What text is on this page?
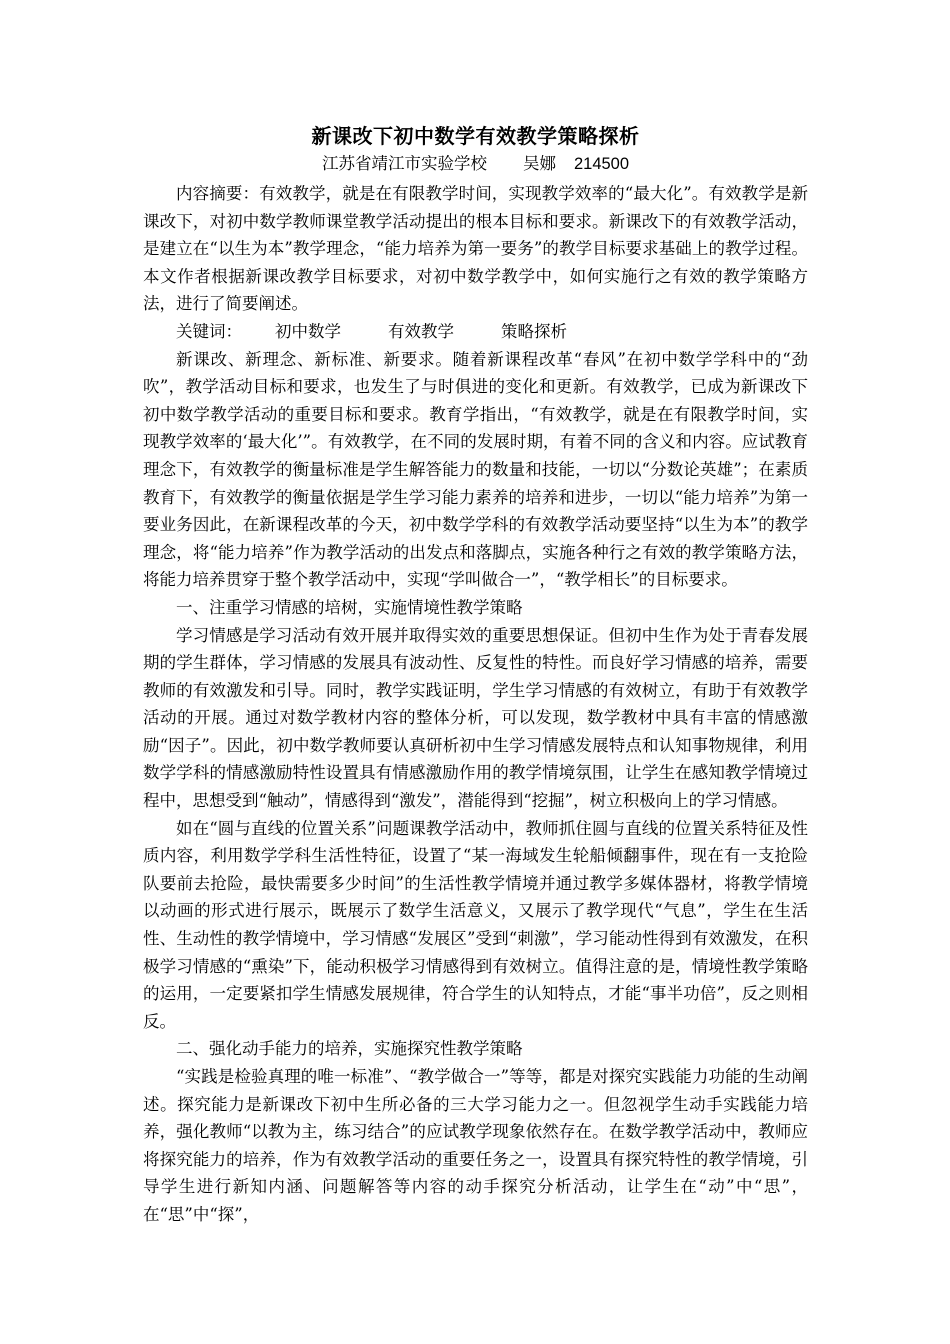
新课改下初中数学有效教学策略探析
江苏省靖江市实验学校 吴娜 214500

内容摘要：有效教学，就是在有限教学时间，实现教学效率的“最大化”。有效教学是新课改下，对初中数学教师课堂教学活动提出的根本目标和要求。新课改下的有效教学活动，是建立在“以生为本”教学理念，“能力培养为第一要务”的教学目标要求基础上的教学过程。本文作者根据新课改教学目标要求，对初中数学教学中，如何实施行之有效的教学策略方法，进行了简要阐述。

关键词： 初中数学	有效教学	策略探析

新课改、新理念、新标准、新要求。随着新课程改革“春风”在初中数学学科中的“劲吹”，教学活动目标和要求，也发生了与时俱进的变化和更新。有效教学，已成为新课改下初中数学教学活动的重要目标和要求。教育学指出，“有效教学，就是在有限教学时间，实现教学效率的‘最大化’”。有效教学，在不同的发展时期，有着不同的含义和内容。应试教育理念下，有效教学的衡量标准是学生解答能力的数量和技能，一切以“分数论英雄”；在素质教育下，有效教学的衡量依据是学生学习能力素养的培养和进步，一切以“能力培养”为第一要业务因此，在新课程改革的今天，初中数学学科的有效教学活动要坚持“以生为本”的教学理念，将“能力培养”作为教学活动的出发点和落脚点，实施各种行之有效的教学策略方法，将能力培养贯穿于整个教学活动中，实现“学叫做合一”，“教学相长”的目标要求。

一、注重学习情感的培树，实施情境性教学策略

学习情感是学习活动有效开展并取得实效的重要思想保证。但初中生作为处于青春发展期的学生群体，学习情感的发展具有波动性、反复性的特性。而良好学习情感的培养，需要教师的有效激发和引导。同时，教学实践证明，学生学习情感的有效树立，有助于有效教学活动的开展。通过对数学教材内容的整体分析，可以发现，数学教材中具有丰富的情感激励“因子”。因此，初中数学教师要认真研析初中生学习情感发展特点和认知事物规律，利用数学学科的情感激励特性设置具有情感激励作用的教学情境氛围，让学生在感知教学情境过程中，思想受到“触动”，情感得到“激发”，潜能得到“挖掘”，树立积极向上的学习情感。

如在“圆与直线的位置关系”问题课教学活动中，教师抓住圆与直线的位置关系特征及性质内容，利用数学学科生活性特征，设置了“某一海域发生轮船倾翻事件，现在有一支抢险队要前去抢险，最快需要多少时间”的生活性教学情境并通过教学多媒体器材，将教学情境以动画的形式进行展示，既展示了数学生活意义，又展示了教学现代“气息”，学生在生活性、生动性的教学情境中，学习情感“发展区”受到“刺激”，学习能动性得到有效激发，在积极学习情感的“熏染”下，能动积极学习情感得到有效树立。值得注意的是，情境性教学策略的运用，一定要紧扣学生情感发展规律，符合学生的认知特点，才能“事半功倍”，反之则相反。

二、强化动手能力的培养，实施探究性教学策略

“实践是检验真理的唯一标准”、“教学做合一”等等，都是对探究实践能力功能的生动阐述。探究能力是新课改下初中生所必备的三大学习能力之一。但忽视学生动手实践能力培养，强化教师“以教为主，练习结合”的应试教学现象依然存在。在数学教学活动中，教师应将探究能力的培养，作为有效教学活动的重要任务之一，设置具有探究特性的教学情境，引导学生进行新知内涵、问题解答等内容的动手探究分析活动，让学生在“动”中“思”，在“思”中“探”，
